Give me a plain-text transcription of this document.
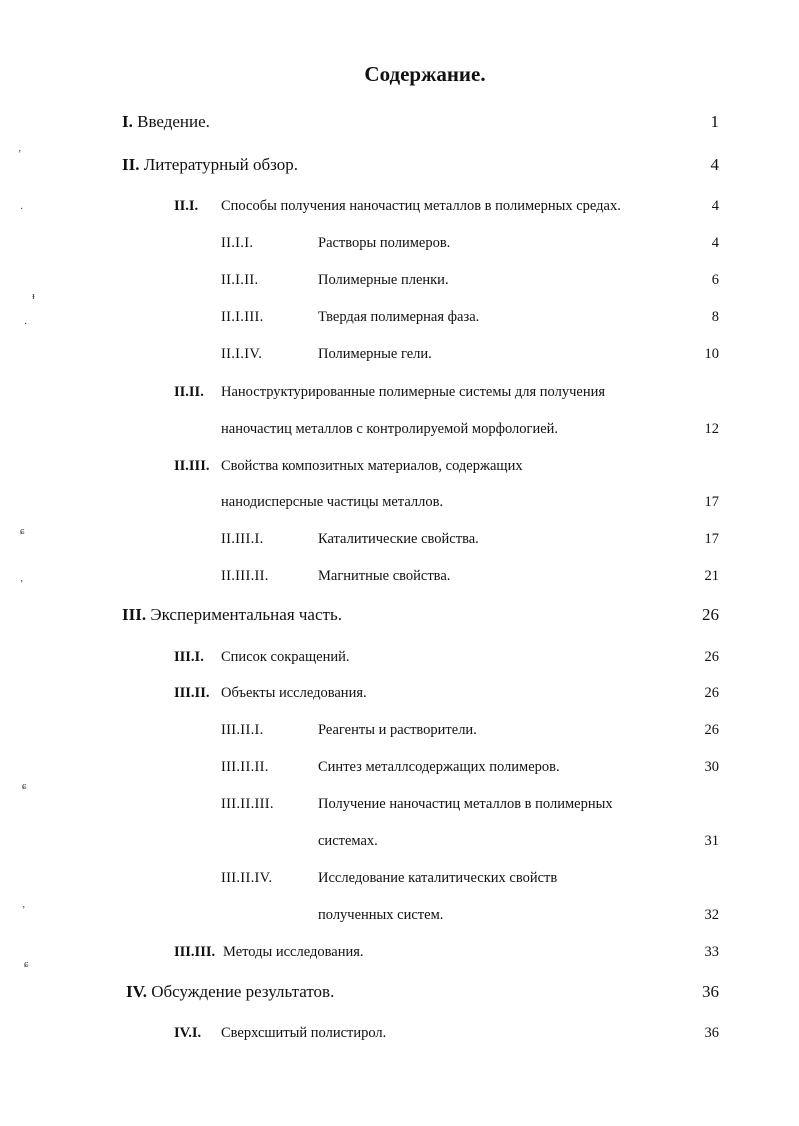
Содержание.
I. Введение.	1
II. Литературный обзор.	4
II.I. Способы получения наночастиц металлов в полимерных средах.	4
II.I.I.	Растворы полимеров.	4
II.I.II.	Полимерные пленки.	6
II.I.III.	Твердая полимерная фаза.	8
II.I.IV.	Полимерные гели.	10
II.II. Наноструктурированные полимерные системы для получения
наночастиц металлов с контролируемой морфологией.	12
II.III. Свойства композитных материалов, содержащих
нанодисперсные частицы металлов.	17
II.III.I.	Каталитические свойства.	17
II.III.II.	Магнитные свойства.	21
III. Экспериментальная часть.	26
III.I. Список сокращений.	26
III.II. Объекты исследования.	26
III.II.I.	Реагенты и растворители.	26
III.II.II.	Синтез металлсодержащих полимеров.	30
III.II.III.	Получение наночастиц металлов в полимерных
системах.	31
III.II.IV.	Исследование каталитических свойств
полученных систем.	32
III.III. Методы исследования.	33
IV. Обсуждение результатов.	36
IV.I. Сверхсшитый полистирол.	36
ʼ
·
ᵻ
·
ɕ
ʼ
ɕ
ʼ
ɕ
